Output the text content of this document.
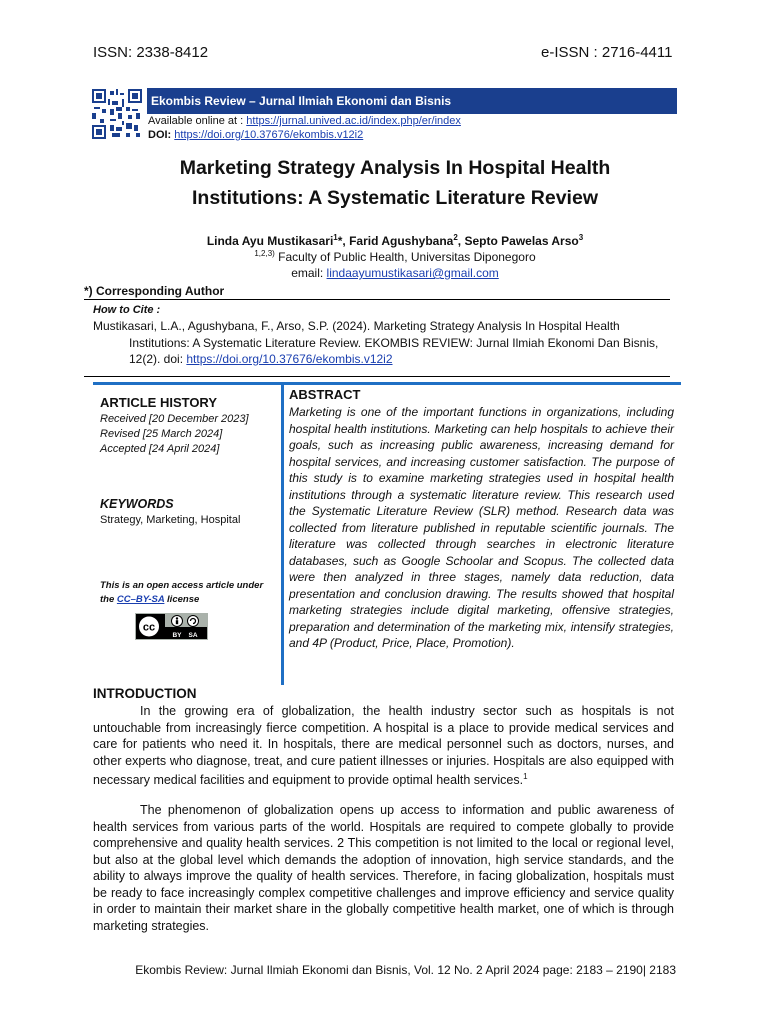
ISSN: 2338-8412	e-ISSN : 2716-4411
Ekombis Review – Jurnal Ilmiah Ekonomi dan Bisnis
Available online at : https://jurnal.unived.ac.id/index.php/er/index
DOI: https://doi.org/10.37676/ekombis.v12i2
Marketing Strategy Analysis In Hospital Health
Institutions: A Systematic Literature Review
Linda Ayu Mustikasari$^1$*, Farid Agushybana$^2$, Septo Pawelas Arso$^3$
$^{1,2,3)}$ Faculty of Public Health, Universitas Diponegoro
email: lindaayumustikasari@gmail.com
*) Corresponding Author
How to Cite :

Mustikasari, L.A., Agushybana, F., Arso, S.P. (2024). Marketing Strategy Analysis In Hospital Health Institutions: A Systematic Literature Review. EKOMBIS REVIEW: Jurnal Ilmiah Ekonomi Dan Bisnis, 12(2). doi: https://doi.org/10.37676/ekombis.v12i2

ARTICLE HISTORY
Received [20 December 2023]
Revised [25 March 2024]
Accepted [24 April 2024]
KEYWORDS
Strategy, Marketing, Hospital
This is an open access article under the CC–BY-SA license
cc
BY SA
ABSTRACT
Marketing is one of the important functions in organizations, including hospital health institutions. Marketing can help hospitals to achieve their goals, such as increasing public awareness, increasing demand for hospital services, and increasing customer satisfaction. The purpose of this study is to examine marketing strategies used in hospital health institutions through a systematic literature review. This research used the Systematic Literature Review (SLR) method. Research data was collected from literature published in reputable scientific journals. The literature was collected through searches in electronic literature databases, such as Google Schoolar and Scopus. The collected data were then analyzed in three stages, namely data reduction, data presentation and conclusion drawing. The results showed that hospital marketing strategies include digital marketing, offensive strategies, preparation and determination of the marketing mix, intensify strategies, and 4P (Product, Price, Place, Promotion).
INTRODUCTION

In the growing era of globalization, the health industry sector such as hospitals is not untouchable from increasingly fierce competition. A hospital is a place to provide medical services and care for patients who need it. In hospitals, there are medical personnel such as doctors, nurses, and other experts who diagnose, treat, and cure patient illnesses or injuries. Hospitals are also equipped with necessary medical facilities and equipment to provide optimal health services.$^1$

The phenomenon of globalization opens up access to information and public awareness of health services from various parts of the world. Hospitals are required to compete globally to provide comprehensive and quality health services. 2 This competition is not limited to the local or regional level, but also at the global level which demands the adoption of innovation, high service standards, and the ability to always improve the quality of health services. Therefore, in facing globalization, hospitals must be ready to face increasingly complex competitive challenges and improve efficiency and service quality in order to maintain their market share in the globally competitive health market, one of which is through marketing strategies.

Ekombis Review: Jurnal Ilmiah Ekonomi dan Bisnis, Vol. 12 No. 2 April 2024 page: 2183 – 2190| 2183
